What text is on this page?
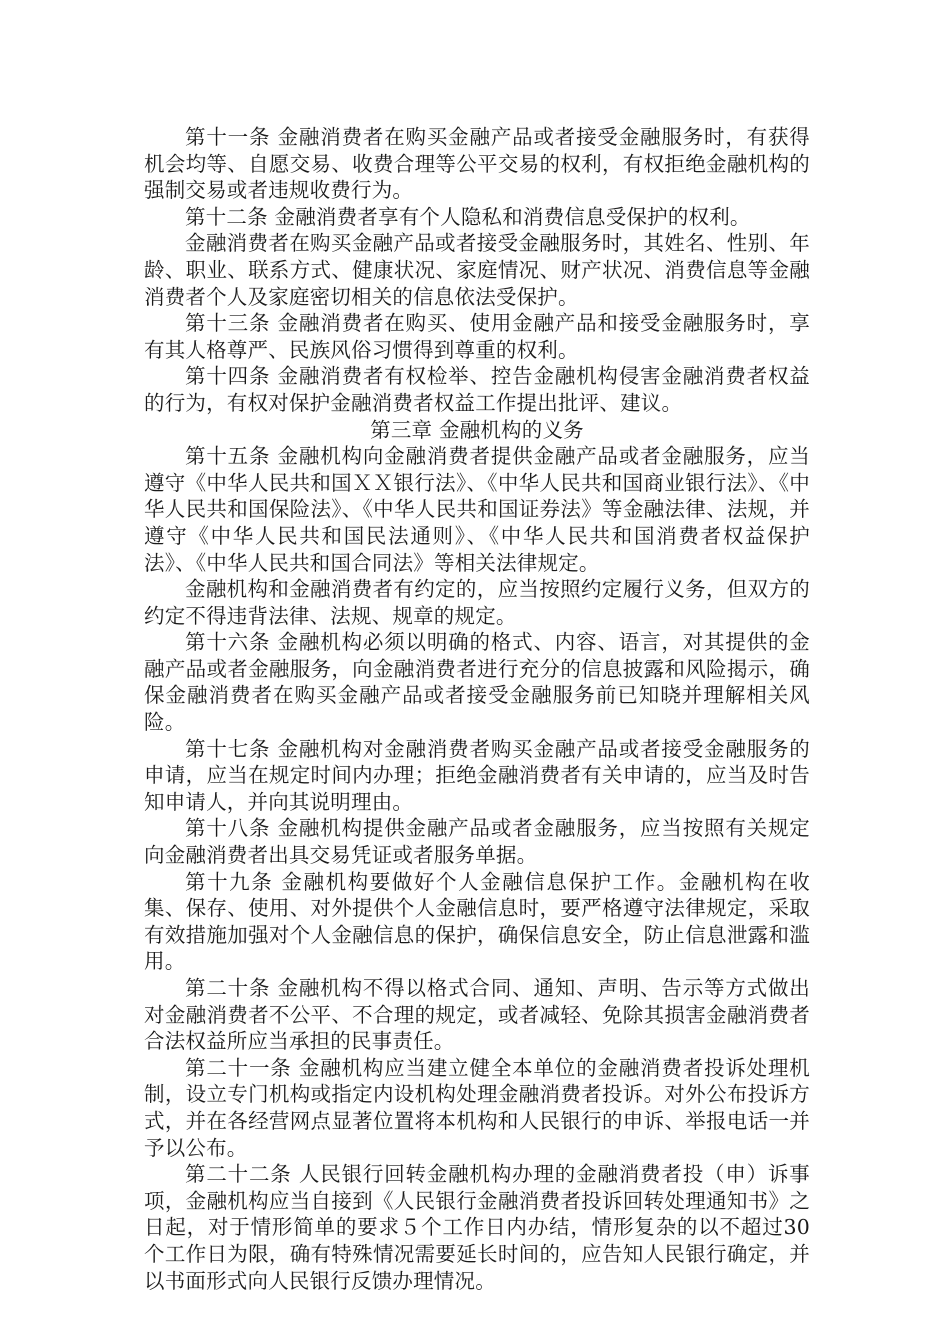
第十一条 金融消费者在购买金融产品或者接受金融服务时，有获得机会均等、自愿交易、收费合理等公平交易的权利，有权拒绝金融机构的强制交易或者违规收费行为。

第十二条 金融消费者享有个人隐私和消费信息受保护的权利。

金融消费者在购买金融产品或者接受金融服务时，其姓名、性别、年龄、职业、联系方式、健康状况、家庭情况、财产状况、消费信息等金融消费者个人及家庭密切相关的信息依法受保护。

第十三条 金融消费者在购买、使用金融产品和接受金融服务时，享有其人格尊严、民族风俗习惯得到尊重的权利。

第十四条 金融消费者有权检举、控告金融机构侵害金融消费者权益的行为，有权对保护金融消费者权益工作提出批评、建议。

第三章 金融机构的义务

第十五条 金融机构向金融消费者提供金融产品或者金融服务，应当遵守《中华人民共和国ＸＸ银行法》、《中华人民共和国商业银行法》、《中华人民共和国保险法》、《中华人民共和国证券法》等金融法律、法规，并遵守《中华人民共和国民法通则》、《中华人民共和国消费者权益保护法》、《中华人民共和国合同法》等相关法律规定。

金融机构和金融消费者有约定的，应当按照约定履行义务，但双方的约定不得违背法律、法规、规章的规定。

第十六条 金融机构必须以明确的格式、内容、语言，对其提供的金融产品或者金融服务，向金融消费者进行充分的信息披露和风险揭示，确保金融消费者在购买金融产品或者接受金融服务前已知晓并理解相关风险。

第十七条 金融机构对金融消费者购买金融产品或者接受金融服务的申请，应当在规定时间内办理；拒绝金融消费者有关申请的，应当及时告知申请人，并向其说明理由。

第十八条 金融机构提供金融产品或者金融服务，应当按照有关规定向金融消费者出具交易凭证或者服务单据。

第十九条 金融机构要做好个人金融信息保护工作。金融机构在收集、保存、使用、对外提供个人金融信息时，要严格遵守法律规定，采取有效措施加强对个人金融信息的保护，确保信息安全，防止信息泄露和滥用。

第二十条 金融机构不得以格式合同、通知、声明、告示等方式做出对金融消费者不公平、不合理的规定，或者减轻、免除其损害金融消费者合法权益所应当承担的民事责任。

第二十一条 金融机构应当建立健全本单位的金融消费者投诉处理机制，设立专门机构或指定内设机构处理金融消费者投诉。对外公布投诉方式，并在各经营网点显著位置将本机构和人民银行的申诉、举报电话一并予以公布。

第二十二条 人民银行回转金融机构办理的金融消费者投（申）诉事项，金融机构应当自接到《人民银行金融消费者投诉回转处理通知书》之日起，对于情形简单的要求５个工作日内办结，情形复杂的以不超过30个工作日为限，确有特殊情况需要延长时间的，应告知人民银行确定，并以书面形式向人民银行反馈办理情况。
